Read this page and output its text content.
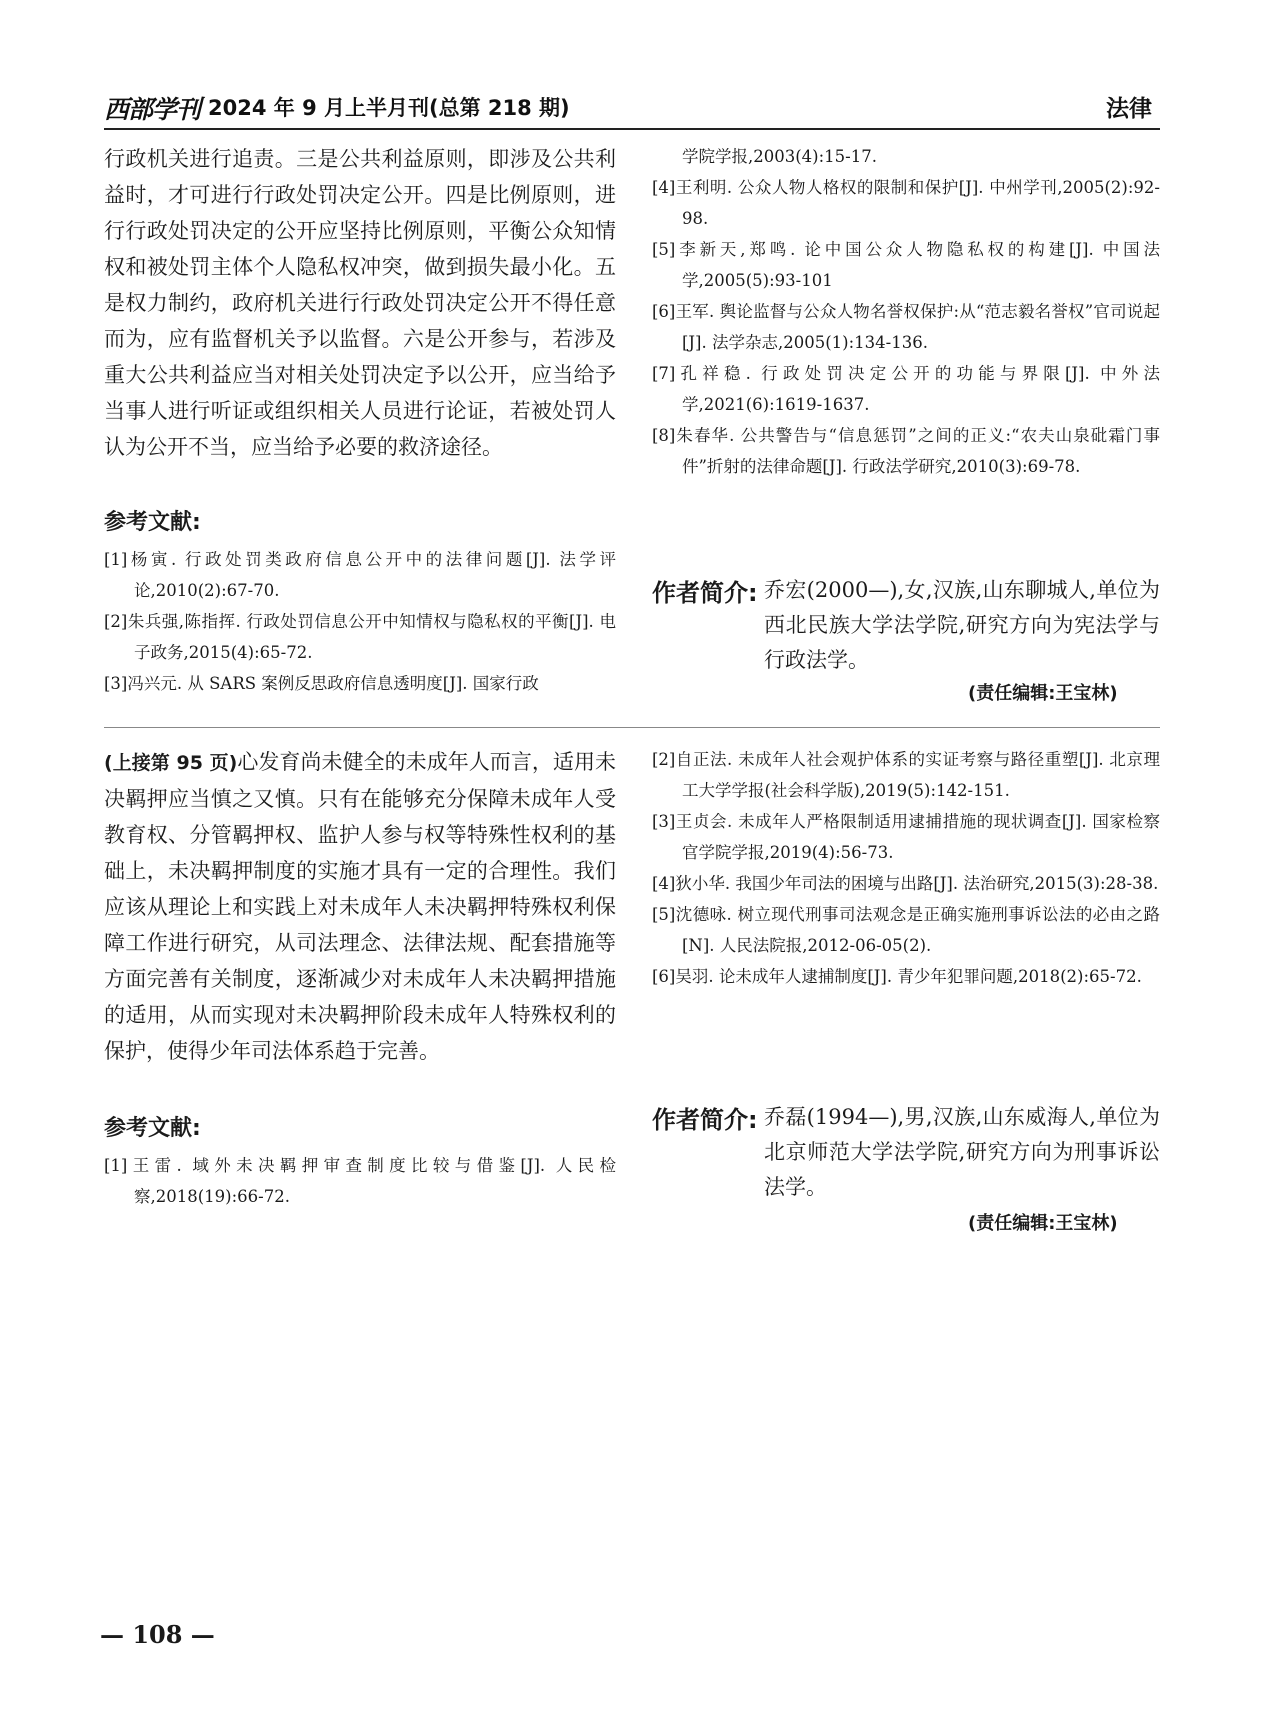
西部学刊 2024 年 9 月上半月刊(总第 218 期)	法律

行政机关进行追责。三是公共利益原则，即涉及公共利益时，才可进行行政处罚决定公开。四是比例原则，进行行政处罚决定的公开应坚持比例原则，平衡公众知情权和被处罚主体个人隐私权冲突，做到损失最小化。五是权力制约，政府机关进行行政处罚决定公开不得任意而为，应有监督机关予以监督。六是公开参与，若涉及重大公共利益应当对相关处罚决定予以公开，应当给予当事人进行听证或组织相关人员进行论证，若被处罚人认为公开不当，应当给予必要的救济途径。

参考文献:

[1]杨寅. 行政处罚类政府信息公开中的法律问题[J]. 法学评论,2010(2):67-70.
[2]朱兵强,陈指挥. 行政处罚信息公开中知情权与隐私权的平衡[J]. 电子政务,2015(4):65-72.
[3]冯兴元. 从 SARS 案例反思政府信息透明度[J]. 国家行政
学院学报,2003(4):15-17.
[4]王利明. 公众人物人格权的限制和保护[J]. 中州学刊,2005(2):92-98.
[5]李新天,郑鸣. 论中国公众人物隐私权的构建[J]. 中国法学,2005(5):93-101
[6]王军. 舆论监督与公众人物名誉权保护:从“范志毅名誉权”官司说起[J]. 法学杂志,2005(1):134-136.
[7]孔祥稳. 行政处罚决定公开的功能与界限[J]. 中外法学,2021(6):1619-1637.
[8]朱春华. 公共警告与“信息惩罚”之间的正义:“农夫山泉砒霜门事件”折射的法律命题[J]. 行政法学研究,2010(3):69-78.
作者简介: 乔宏(2000—),女,汉族,山东聊城人,单位为西北民族大学法学院,研究方向为宪法学与行政法学。
(责任编辑:王宝林)

(上接第 95 页)心发育尚未健全的未成年人而言，适用未决羁押应当慎之又慎。只有在能够充分保障未成年人受教育权、分管羁押权、监护人参与权等特殊性权利的基础上，未决羁押制度的实施才具有一定的合理性。我们应该从理论上和实践上对未成年人未决羁押特殊权利保障工作进行研究，从司法理念、法律法规、配套措施等方面完善有关制度，逐渐减少对未成年人未决羁押措施的适用，从而实现对未决羁押阶段未成年人特殊权利的保护，使得少年司法体系趋于完善。

参考文献:

[1]王雷. 域外未决羁押审查制度比较与借鉴[J]. 人民检察,2018(19):66-72.
[2]自正法. 未成年人社会观护体系的实证考察与路径重塑[J]. 北京理工大学学报(社会科学版),2019(5):142-151.
[3]王贞会. 未成年人严格限制适用逮捕措施的现状调查[J]. 国家检察官学院学报,2019(4):56-73.
[4]狄小华. 我国少年司法的困境与出路[J]. 法治研究,2015(3):28-38.
[5]沈德咏. 树立现代刑事司法观念是正确实施刑事诉讼法的必由之路[N]. 人民法院报,2012-06-05(2).
[6]吴羽. 论未成年人逮捕制度[J]. 青少年犯罪问题,2018(2):65-72.
作者简介: 乔磊(1994—),男,汉族,山东威海人,单位为北京师范大学法学院,研究方向为刑事诉讼法学。
(责任编辑:王宝林)
— 108 —
